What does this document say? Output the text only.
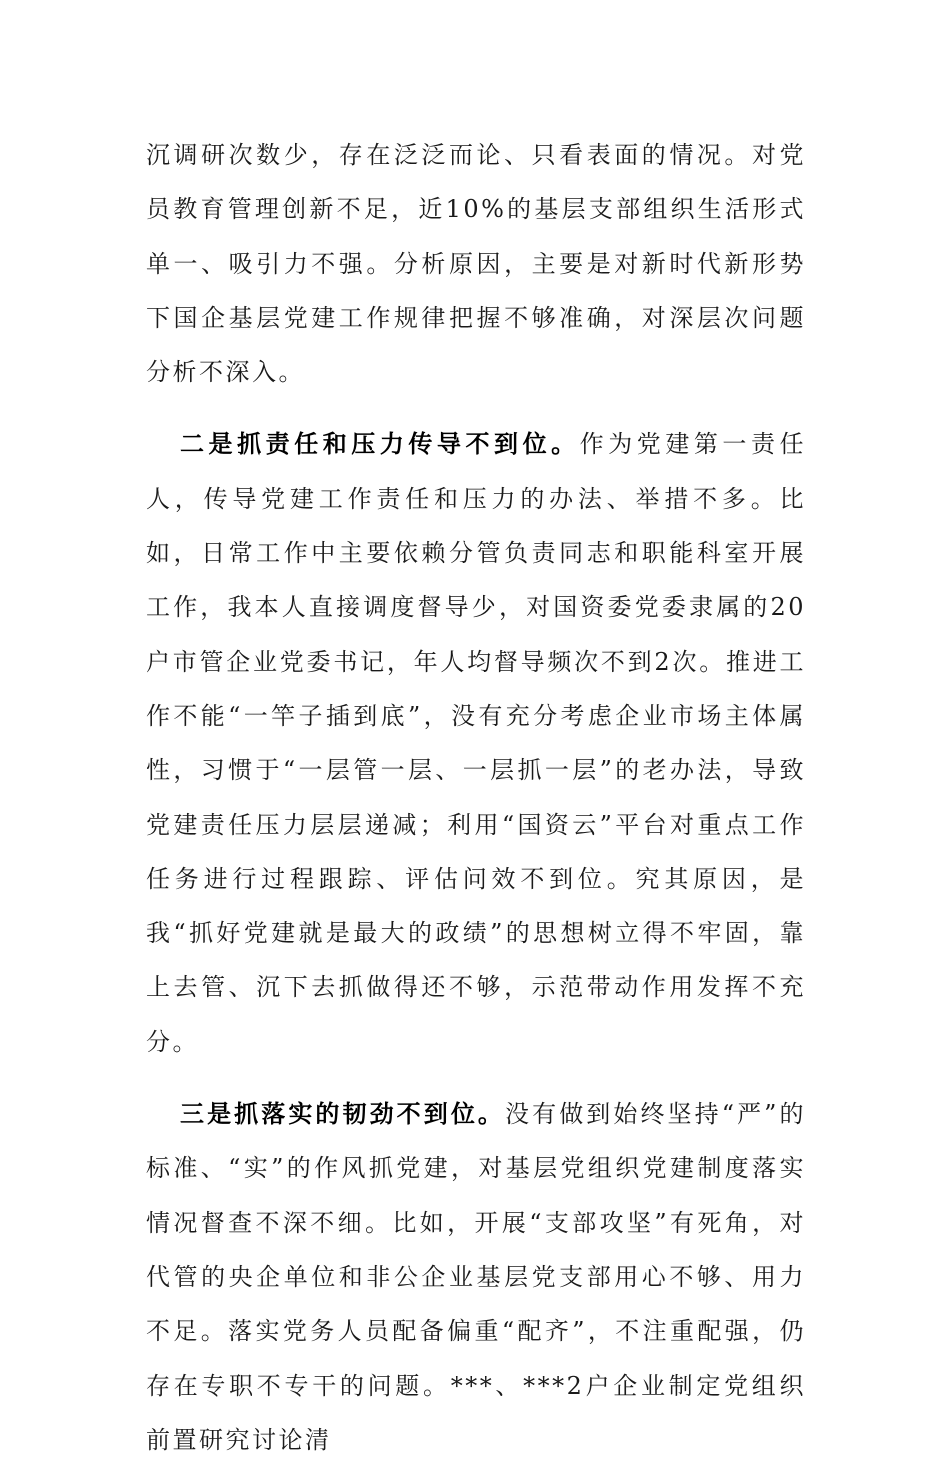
沉调研次数少，存在泛泛而论、只看表面的情况。对党员教育管理创新不足，近10%的基层支部组织生活形式单一、吸引力不强。分析原因，主要是对新时代新形势下国企基层党建工作规律把握不够准确，对深层次问题分析不深入。

二是抓责任和压力传导不到位。作为党建第一责任人，传导党建工作责任和压力的办法、举措不多。比如，日常工作中主要依赖分管负责同志和职能科室开展工作，我本人直接调度督导少，对国资委党委隶属的20户市管企业党委书记，年人均督导频次不到2次。推进工作不能“一竿子插到底”，没有充分考虑企业市场主体属性，习惯于“一层管一层、一层抓一层”的老办法，导致党建责任压力层层递减；利用“国资云”平台对重点工作任务进行过程跟踪、评估问效不到位。究其原因，是我“抓好党建就是最大的政绩”的思想树立得不牢固，靠上去管、沉下去抓做得还不够，示范带动作用发挥不充分。

三是抓落实的韧劲不到位。没有做到始终坚持“严”的标准、“实”的作风抓党建，对基层党组织党建制度落实情况督查不深不细。比如，开展“支部攻坚”有死角，对代管的央企单位和非公企业基层党支部用心不够、用力不足。落实党务人员配备偏重“配齐”，不注重配强，仍存在专职不专干的问题。***、***2户企业制定党组织前置研究讨论清
